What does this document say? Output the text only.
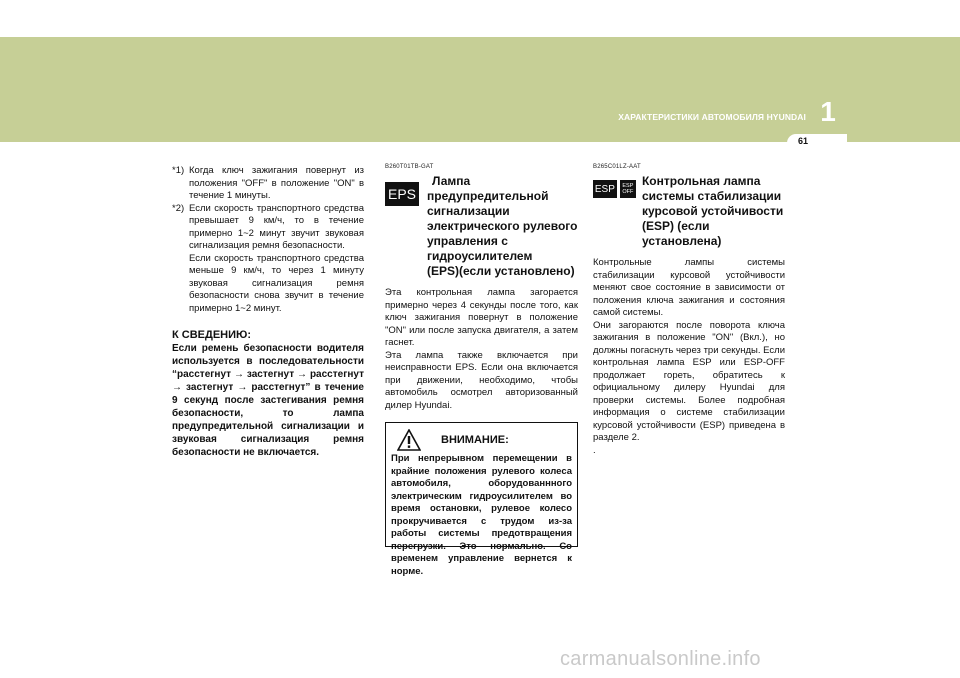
ХАРАКТЕРИСТИКИ АВТОМОБИЛЯ HYUNDAI 1
61
*1) Когда ключ зажигания повернут из положения "OFF" в положение "ON" в течение 1 минуты.
*2) Если скорость транспортного средства превышает 9 км/ч, то в течение примерно 1~2 минут звучит звуковая сигнализация ремня безопасности.
Если скорость транспортного средства меньше 9 км/ч, то через 1 минуту звуковая сигнализация ремня безопасности снова звучит в течение примерно 1~2 минут.
К СВЕДЕНИЮ:
Если ремень безопасности водителя используется в последовательности “расстегнут → застегнут → расстегнут → застегнут → расстегнут” в течение 9 секунд после застегивания ремня безопасности, то лампа предупредительной сигнализации и звуковая сигнализация ремня безопасности не включается.
B260T01TB-GAT
EPS
Лампа
предупредительной
сигнализации
электрического рулевого
управления с
гидроусилителем
(EPS)(если установлено)
Эта контрольная лампа загорается примерно через 4 секунды после того, как ключ зажигания повернут в положение "ON" или после запуска двигателя, а затем гаснет.
Эта лампа также включается при неисправности EPS. Если она включается при движении, необходимо, чтобы автомобиль осмотрел авторизованный дилер Hyundai.
ВНИМАНИЕ:
При непрерывном перемещении в крайние положения рулевого колеса автомобиля, оборудованнного электрическим гидроусилителем во время остановки, рулевое колесо прокручивается с трудом из-за работы системы предотвращения перегрузки. Это нормально. Со временем управление вернется к норме.
B265C01LZ-AAT
ESP	ESP
OFF
Контрольная лампа
системы стабилизации
курсовой устойчивости
(ESP) (если установлена)
Контрольные лампы системы стабилизации курсовой устойчивости меняют свое состояние в зависимости от положения ключа зажигания и состояния самой системы.
Они загораются после поворота ключа зажигания в положение "ON" (Вкл.), но должны погаснуть через три секунды. Если контрольная лампа ESP или ESP-OFF продолжает гореть, обратитесь к официальному дилеру Hyundai для проверки системы. Более подробная информация о системе стабилизации курсовой устойчивости (ESP) приведена в разделе 2.
.
carmanualsonline.info
